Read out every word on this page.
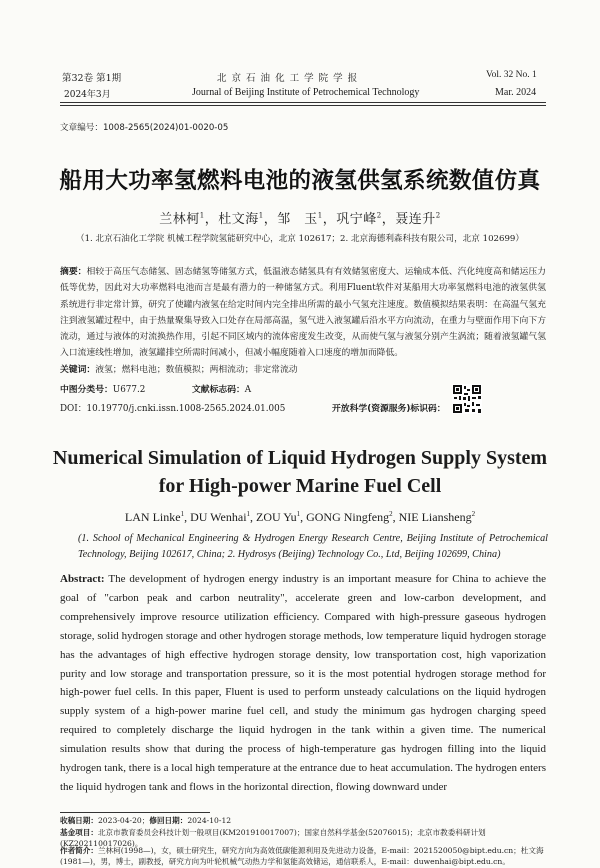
第32卷 第1期	北 京 石 油 化 工 学 院 学 报	Vol. 32 No. 1
2024年3月	Journal of Beijing Institute of Petrochemical Technology	Mar. 2024
文章编号：1008-2565(2024)01-0020-05
船用大功率氢燃料电池的液氢供氢系统数值仿真
兰林柯$^1$，杜文海$^1$，邹　玉$^1$，巩宁峰$^2$，聂连升$^2$
（1. 北京石油化工学院 机械工程学院氢能研究中心，北京 102617；2. 北京海德利森科技有限公司，北京 102699）
摘要：相较于高压气态储氢、固态储氢等储氢方式，低温液态储氢具有有效储氢密度大、运输成本低、汽化纯度高和储运压力低等优势，因此对大功率燃料电池而言是最有潜力的一种储氢方式。利用Fluent软件对某船用大功率氢燃料电池的液氢供氢系统进行非定常计算，研究了使罐内液氢在给定时间内完全排出所需的最小气氢充注速度。数值模拟结果表明：在高温气氢充注到液氢罐过程中，由于热量聚集导致入口处存在局部高温，氢气进入液氢罐后沿水平方向流动，在重力与壁面作用下向下方流动，通过与液体的对流换热作用，引起不同区域内的流体密度发生改变，从而使气氢与液氢分别产生涡流；随着液氢罐气氢入口流速线性增加，液氢罐排空所需时间减小，但减小幅度随着入口速度的增加而降低。
关键词：液氢；燃料电池；数值模拟；两相流动；非定常流动
中图分类号：U677.2	文献标志码：A
DOI：10.19770/j.cnki.issn.1008-2565.2024.01.005	开放科学(资源服务)标识码：
Numerical Simulation of Liquid Hydrogen Supply System
for High-power Marine Fuel Cell
LAN Linke$^1$, DU Wenhai$^1$, ZOU Yu$^1$, GONG Ningfeng$^2$, NIE Liansheng$^2$
(1. School of Mechanical Engineering & Hydrogen Energy Research Centre, Beijing Institute of Petrochemical Technology, Beijing 102617, China; 2. Hydrosys (Beijing) Technology Co., Ltd, Beijing 102699, China)
Abstract: The development of hydrogen energy industry is an important measure for China to achieve the goal of "carbon peak and carbon neutrality", accelerate green and low-carbon development, and comprehensively improve resource utilization efficiency. Compared with high-pressure gaseous hydrogen storage, solid hydrogen storage and other hydrogen storage methods, low temperature liquid hydrogen storage has the advantages of high effective hydrogen storage density, low transportation cost, high vaporization purity and low storage and transportation pressure, so it is the most potential hydrogen storage method for high-power fuel cells. In this paper, Fluent is used to perform unsteady calculations on the liquid hydrogen supply system of a high-power marine fuel cell, and study the minimum gas hydrogen charging speed required to completely discharge the liquid hydrogen in the tank within a given time. The numerical simulation results show that during the process of high-temperature gas hydrogen filling into the liquid hydrogen tank, there is a local high temperature at the entrance due to heat accumulation. The hydrogen enters the liquid hydrogen tank and flows in the horizontal direction, flowing downward under
收稿日期：2023-04-20；修回日期：2024-10-12
基金项目：北京市教育委员会科技计划一般项目(KM201910017007)；国家自然科学基金(52076015)；北京市教委科研计划(KZ202110017026)。
作者简介：兰林柯(1998—)，女，硕士研究生，研究方向为高效低碳能源利用及先进动力设备，E-mail：2021520050@bipt.edu.cn；杜文海(1981—)，男，博士，副教授，研究方向为叶轮机械气动热力学和氢能高效储运，通信联系人，E-mail：duwenhai@bipt.edu.cn。
